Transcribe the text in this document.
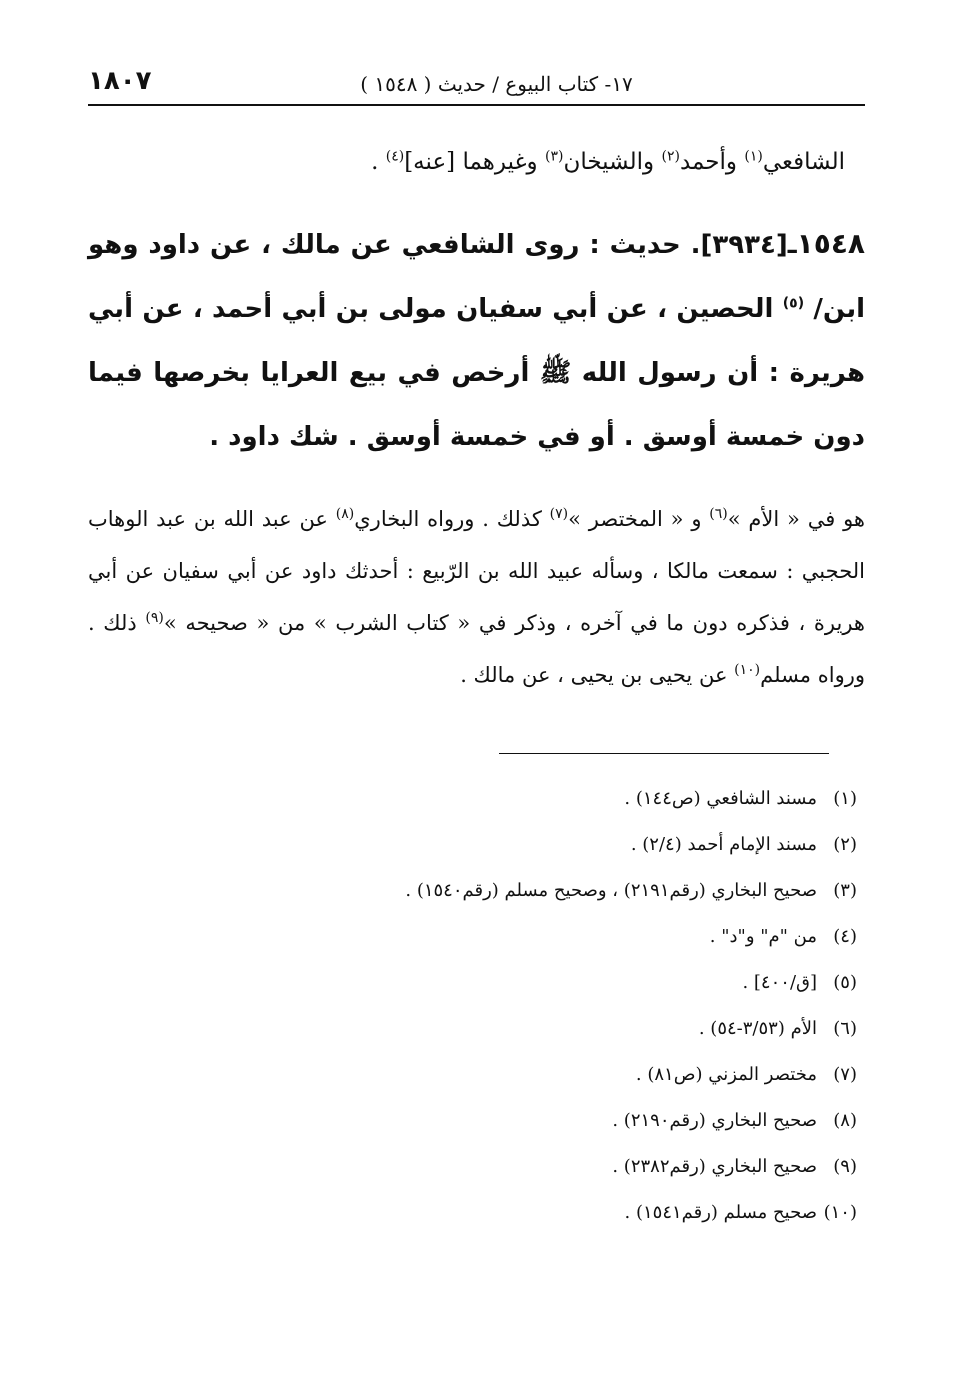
١٨٠٧	١٧- كتاب البيوع / حديث ( ١٥٤٨ )
الشافعي$^{(١)}$ وأحمد$^{(٢)}$ والشيخان$^{(٣)}$ وغيرهما [عنه]$^{(٤)}$ .
١٥٤٨ـ[٣٩٣٤]. حديث : روى الشافعي عن مالك ، عن داود وهو ابن/ $^{(٥)}$ الحصين ، عن أبي سفيان مولى بن أبي أحمد ، عن أبي هريرة : أن رسول الله ﷺ أرخص في بيع العرايا بخرصها فيما دون خمسة أوسق . أو في خمسة أوسق . شك داود .
هو في « الأم »$^{(٦)}$ و « المختصر »$^{(٧)}$ كذلك . ورواه البخاري$^{(٨)}$ عن عبد الله بن عبد الوهاب الحجبي : سمعت مالكا ، وسأله عبيد الله بن الرّبيع : أحدثك داود عن أبي سفيان عن أبي هريرة ، فذكره دون ما في آخره ، وذكر في « كتاب الشرب » من « صحيحه »$^{(٩)}$ ذلك . ورواه مسلم$^{(١٠)}$ عن يحيى بن يحيى ، عن مالك .
(١)مسند الشافعي (ص١٤٤) .
(٢)مسند الإمام أحمد (٢/٤) .
(٣)صحيح البخاري (رقم٢١٩١) ، وصحيح مسلم (رقم١٥٤٠) .
(٤)من "م" و"د" .
(٥)[ق/٤٠٠] .
(٦)الأم (٣/٥٣-٥٤) .
(٧)مختصر المزني (ص٨١) .
(٨)صحيح البخاري (رقم٢١٩٠) .
(٩)صحيح البخاري (رقم٢٣٨٢) .
(١٠)صحيح مسلم (رقم١٥٤١) .
